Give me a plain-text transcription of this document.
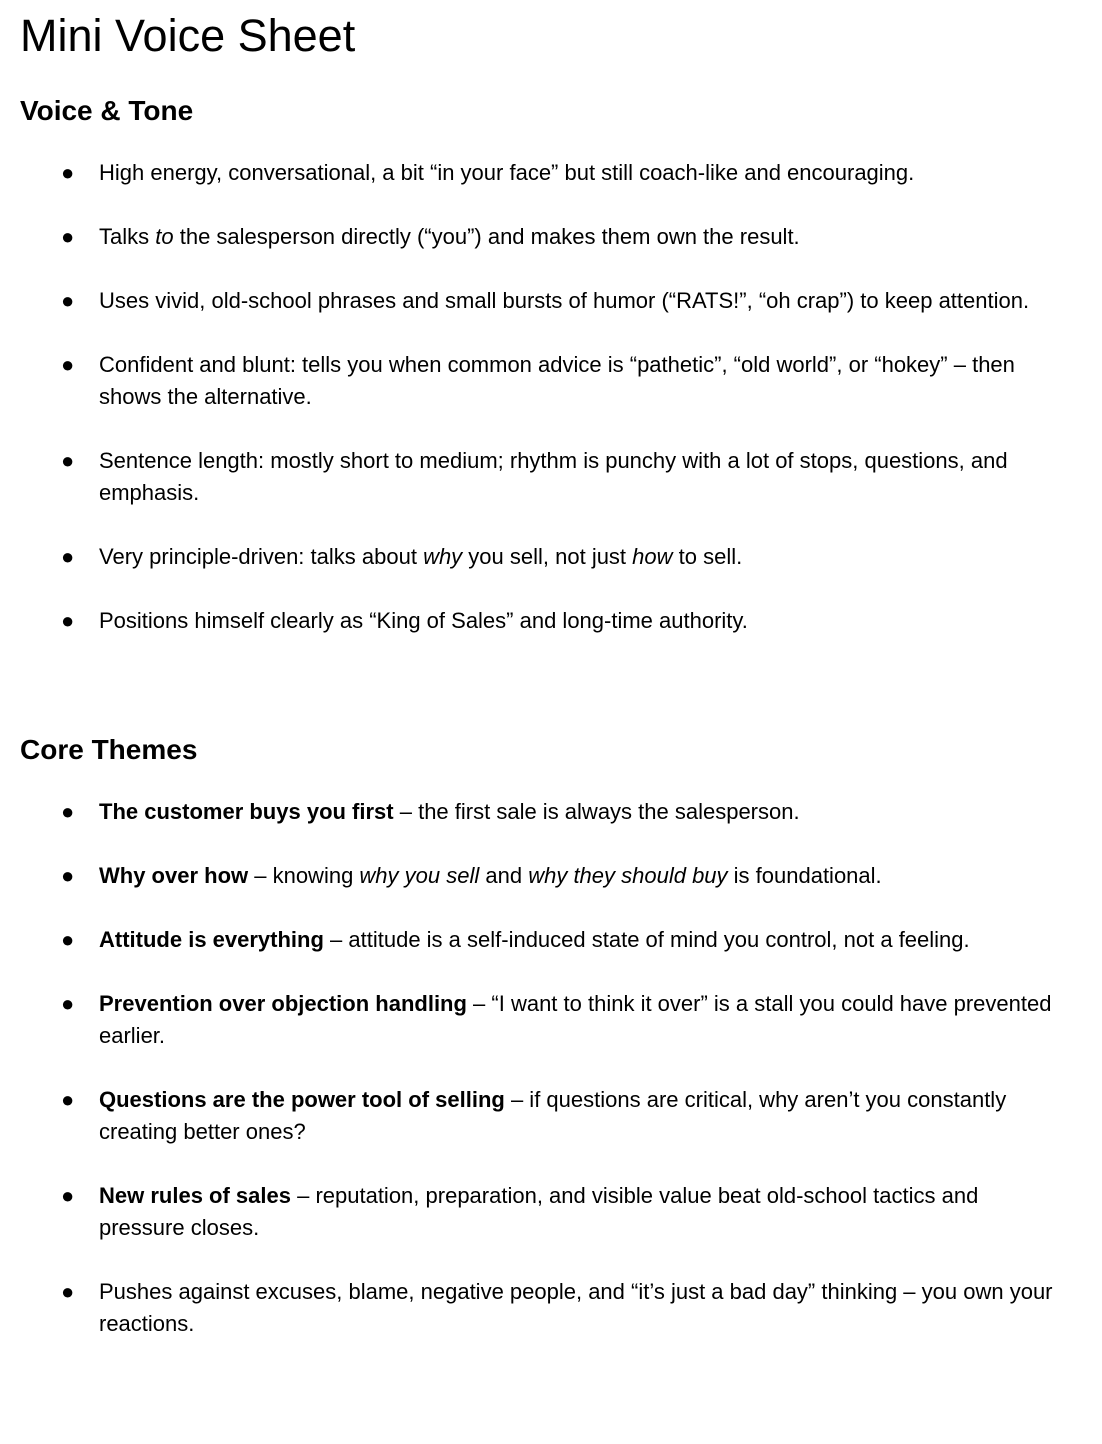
Mini Voice Sheet
Voice & Tone
● High energy, conversational, a bit “in your face” but still coach-like and encouraging.
● Talks to the salesperson directly (“you”) and makes them own the result.
● Uses vivid, old-school phrases and small bursts of humor (“RATS!”, “oh crap”) to keep attention.
● Confident and blunt: tells you when common advice is “pathetic”, “old world”, or “hokey” – then shows the alternative.
● Sentence length: mostly short to medium; rhythm is punchy with a lot of stops, questions, and emphasis.
● Very principle-driven: talks about why you sell, not just how to sell.
● Positions himself clearly as “King of Sales” and long-time authority.
Core Themes
● The customer buys you first – the first sale is always the salesperson.
● Why over how – knowing why you sell and why they should buy is foundational.
● Attitude is everything – attitude is a self-induced state of mind you control, not a feeling.
● Prevention over objection handling – “I want to think it over” is a stall you could have prevented earlier.
● Questions are the power tool of selling – if questions are critical, why aren’t you constantly creating better ones?
● New rules of sales – reputation, preparation, and visible value beat old-school tactics and pressure closes.
● Pushes against excuses, blame, negative people, and “it’s just a bad day” thinking – you own your reactions.
